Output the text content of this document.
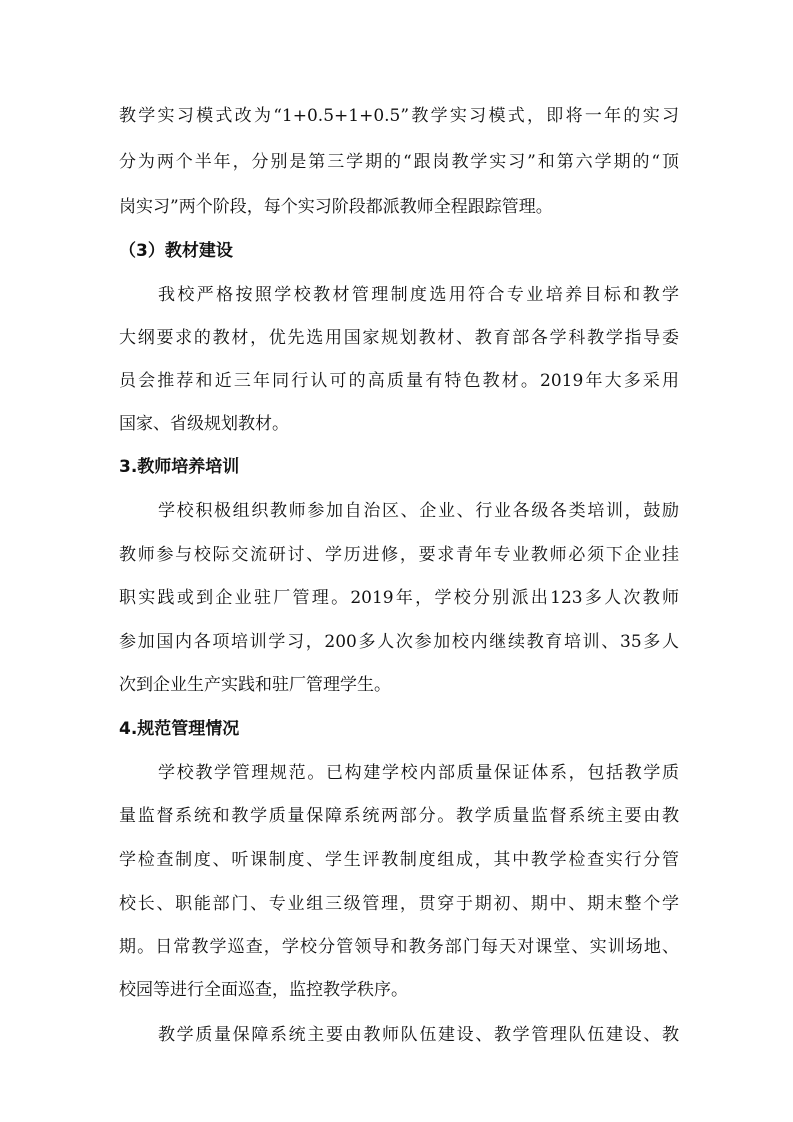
教学实习模式改为“1+0.5+1+0.5”教学实习模式，即将一年的实习
分为两个半年，分别是第三学期的“跟岗教学实习”和第六学期的“顶
岗实习”两个阶段，每个实习阶段都派教师全程跟踪管理。
（3）教材建设
我校严格按照学校教材管理制度选用符合专业培养目标和教学
大纲要求的教材，优先选用国家规划教材、教育部各学科教学指导委
员会推荐和近三年同行认可的高质量有特色教材。2019年大多采用
国家、省级规划教材。
3.教师培养培训
学校积极组织教师参加自治区、企业、行业各级各类培训，鼓励
教师参与校际交流研讨、学历进修，要求青年专业教师必须下企业挂
职实践或到企业驻厂管理。2019年，学校分别派出123多人次教师
参加国内各项培训学习，200多人次参加校内继续教育培训、35多人
次到企业生产实践和驻厂管理学生。
4.规范管理情况
学校教学管理规范。已构建学校内部质量保证体系，包括教学质
量监督系统和教学质量保障系统两部分。教学质量监督系统主要由教
学检查制度、听课制度、学生评教制度组成，其中教学检查实行分管
校长、职能部门、专业组三级管理，贯穿于期初、期中、期末整个学
期。日常教学巡查，学校分管领导和教务部门每天对课堂、实训场地、
校园等进行全面巡查，监控教学秩序。
教学质量保障系统主要由教师队伍建设、教学管理队伍建设、教
